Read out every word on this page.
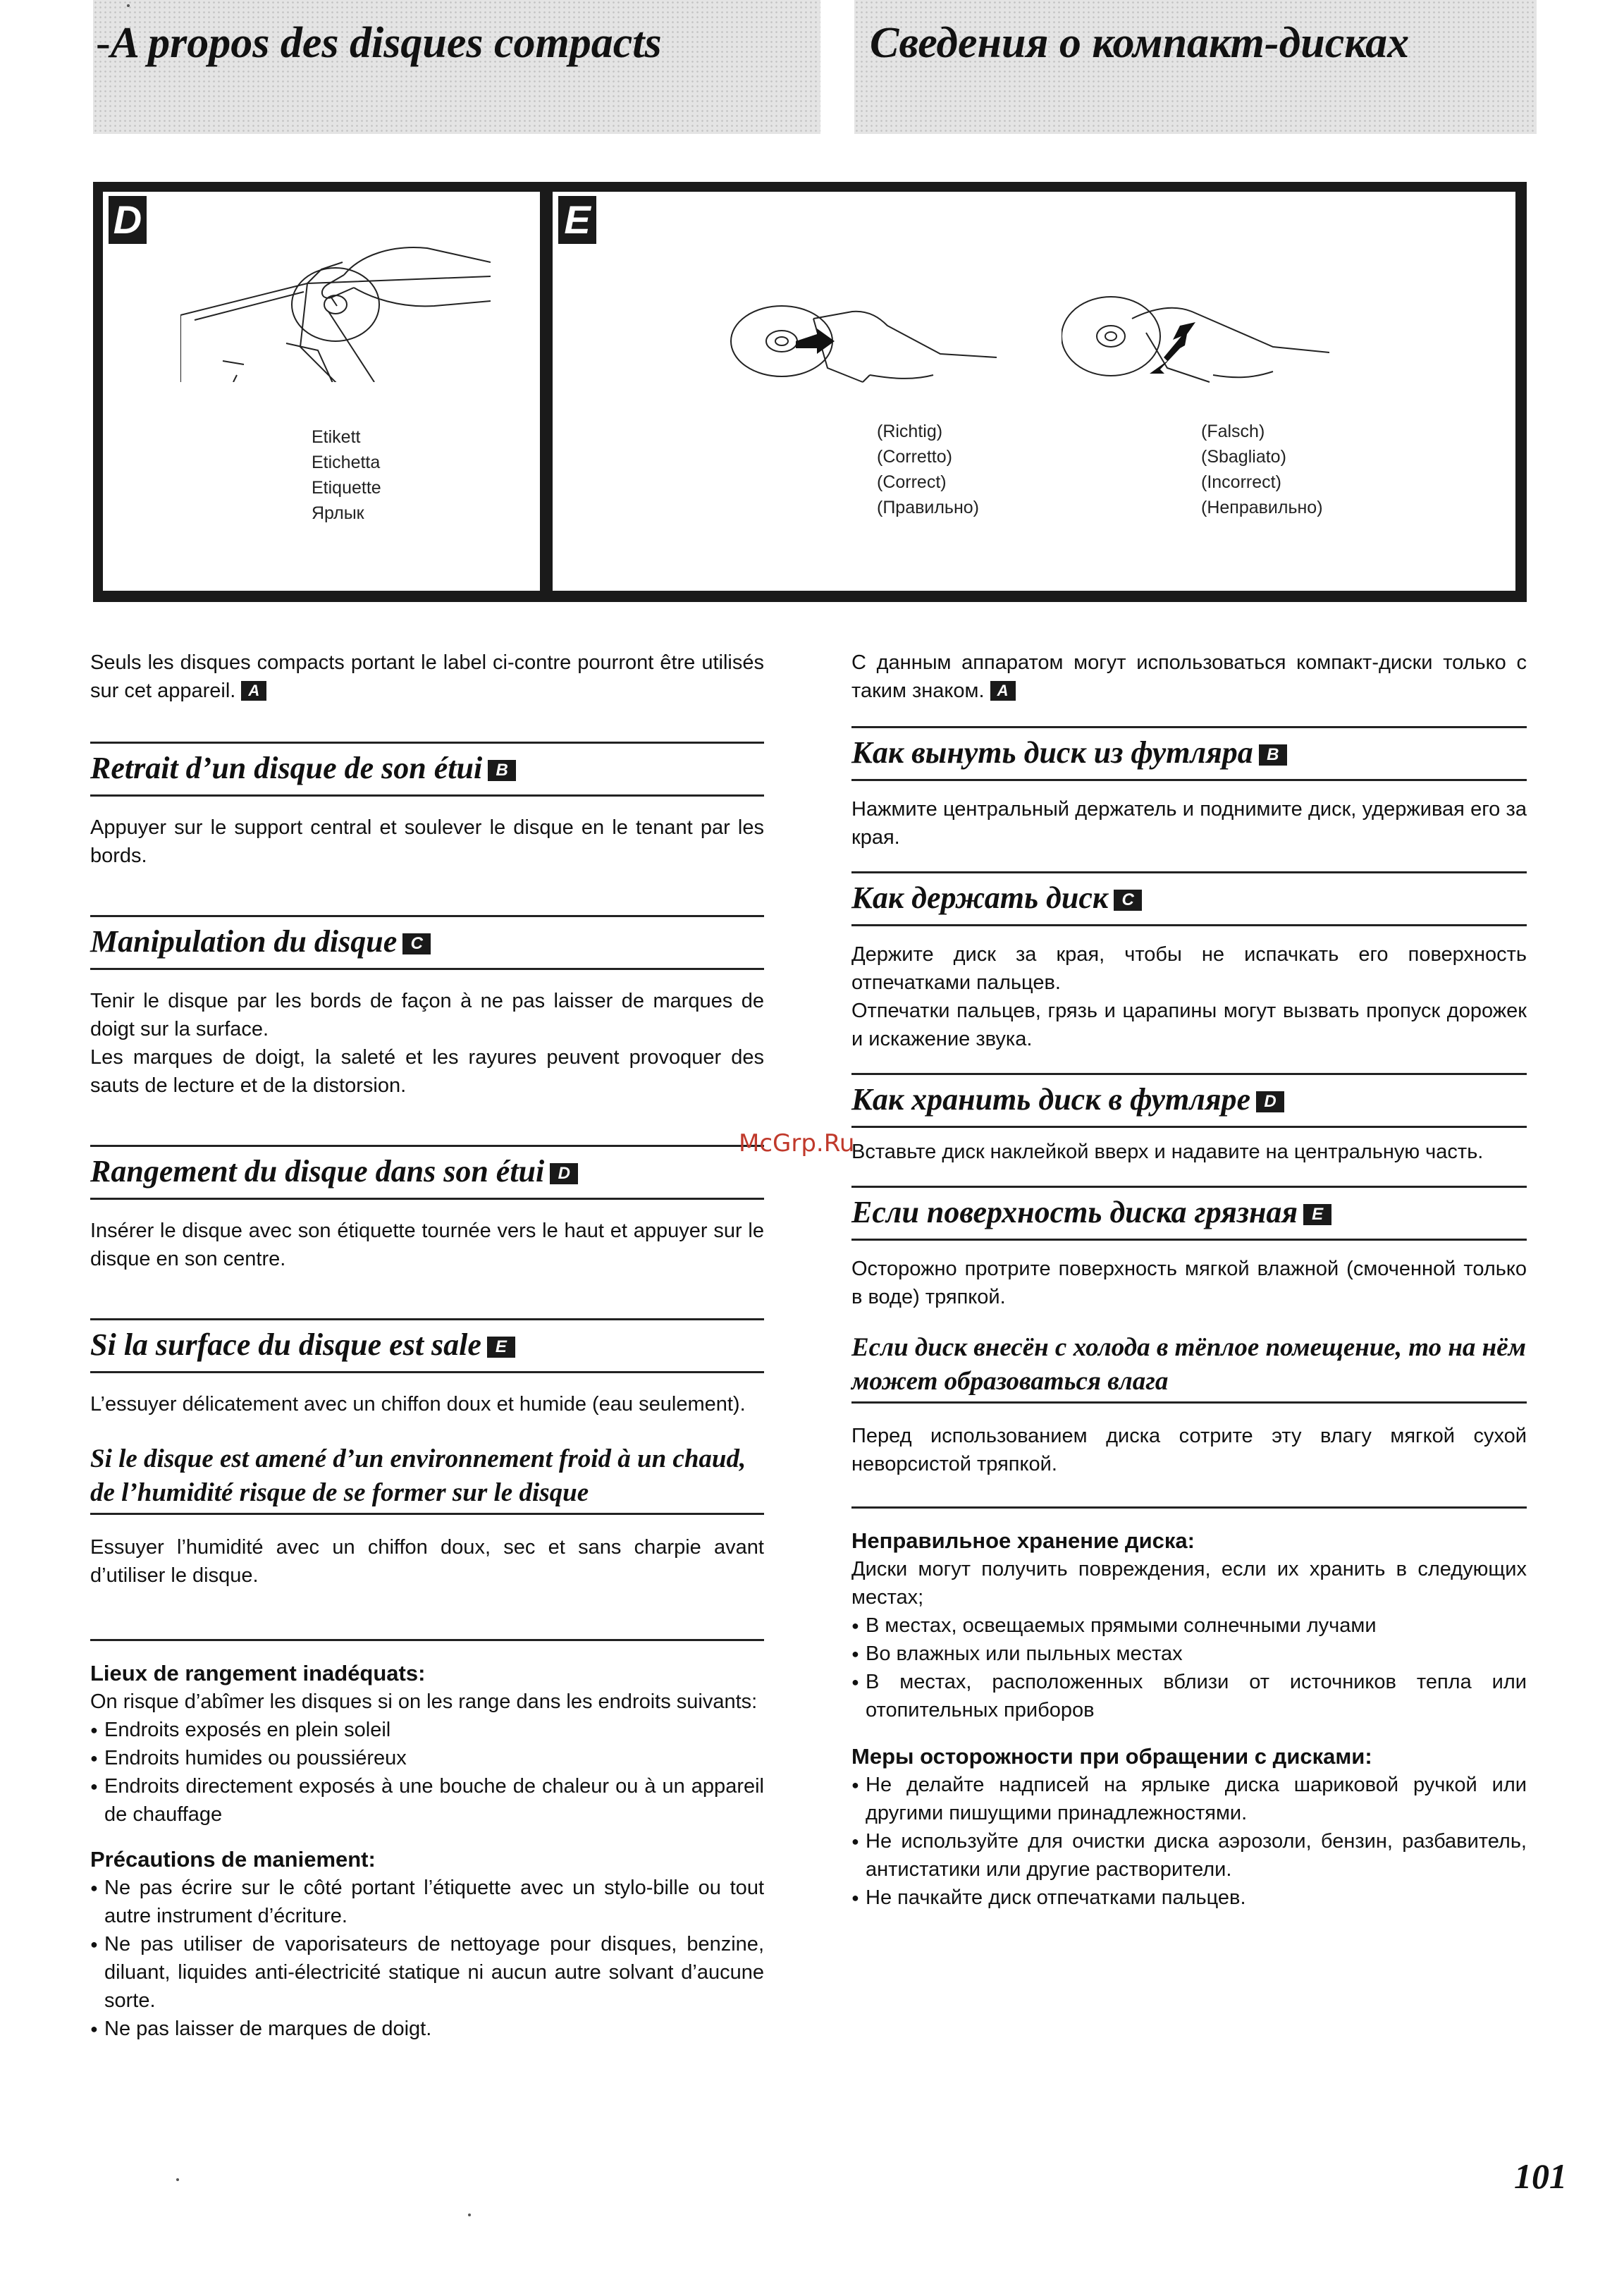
-A propos des disques compacts	Сведения о компакт-дисках
D
Etikett
Etichetta
Etiquette
Ярлык
E
(Richtig)
(Corretto)
(Correct)
(Правильно)
(Falsch)
(Sbagliato)
(Incorrect)
(Неправильно)

Seuls les disques compacts portant le label ci-contre pourront être utilisés sur cet appareil. A

Retrait d’un disque de son étui B

Appuyer sur le support central et soulever le disque en le tenant par les bords.

Manipulation du disque C

Tenir le disque par les bords de façon à ne pas laisser de marques de doigt sur la surface.

Les marques de doigt, la saleté et les rayures peuvent provoquer des sauts de lecture et de la distorsion.

Rangement du disque dans son étui D

Insérer le disque avec son étiquette tournée vers le haut et appuyer sur le disque en son centre.

Si la surface du disque est sale E

L’essuyer délicatement avec un chiffon doux et humide (eau seulement).

Si le disque est amené d’un environnement froid à un chaud, de l’humidité risque de se former sur le disque

Essuyer l’humidité avec un chiffon doux, sec et sans charpie avant d’utiliser le disque.

Lieux de rangement inadéquats:

On risque d’abîmer les disques si on les range dans les endroits suivants:

● Endroits exposés en plein soleil
● Endroits humides ou poussiéreux
● Endroits directement exposés à une bouche de chaleur ou à un appareil de chauffage
Précautions de maniement:
● Ne pas écrire sur le côté portant l’étiquette avec un stylo-bille ou tout autre instrument d’écriture.
● Ne pas utiliser de vaporisateurs de nettoyage pour disques, benzine, diluant, liquides anti-électricité statique ni aucun autre solvant d’aucune sorte.
● Ne pas laisser de marques de doigt.

С данным аппаратом могут использоваться компакт-диски только с таким знаком. A

Как вынуть диск из футляра B

Нажмите центральный держатель и поднимите диск, удерживая его за края.

Как держать диск C

Держите диск за края, чтобы не испачкать его поверхность отпечатками пальцев.

Отпечатки пальцев, грязь и царапины могут вызвать пропуск дорожек и искажение звука.

Как хранить диск в футляре D

Вставьте диск наклейкой вверх и надавите на центральную часть.

Если поверхность диска грязная E

Осторожно протрите поверхность мягкой влажной (смоченной только в воде) тряпкой.

Если диск внесён с холода в тёплое помещение, то на нём может образоваться влага

Перед использованием диска сотрите эту влагу мягкой сухой неворсистой тряпкой.

Неправильное хранение диска:

Диски могут получить повреждения, если их хранить в следующих местах;

● В местах, освещаемых прямыми солнечными лучами
● Во влажных или пыльных местах
● В местах, расположенных вблизи от источников тепла или отопительных приборов
Меры осторожности при обращении с дисками:
● Не делайте надписей на ярлыке диска шариковой ручкой или другими пишущими принадлежностями.
● Не используйте для очистки диска аэрозоли, бензин, разбавитель, антистатики или другие растворители.
● Не пачкайте диск отпечатками пальцев.
McGrp.Ru
101
